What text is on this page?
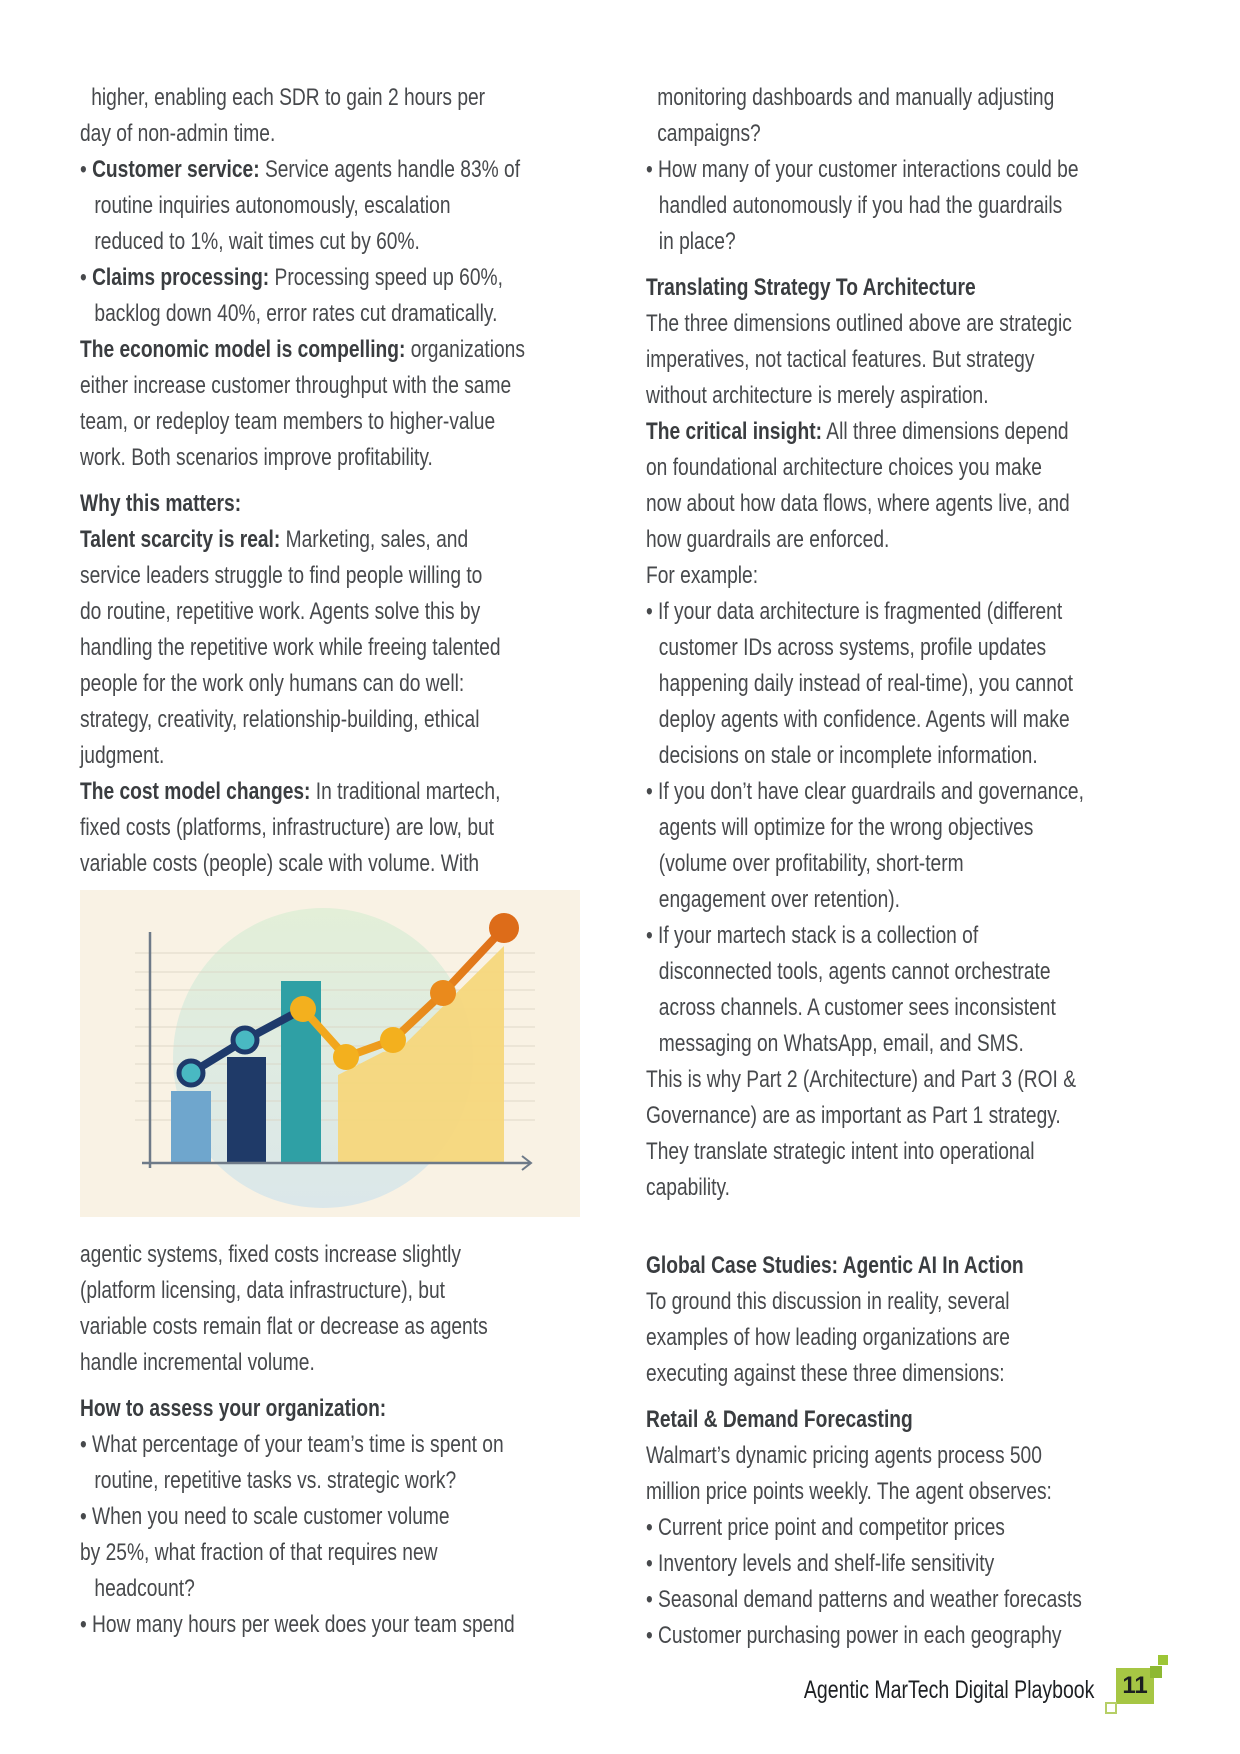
higher, enabling each SDR to gain 2 hours per
day of non-admin time.
• Customer service: Service agents handle 83% of
routine inquiries autonomously, escalation
reduced to 1%, wait times cut by 60%.
• Claims processing: Processing speed up 60%,
backlog down 40%, error rates cut dramatically.
The economic model is compelling: organizations
either increase customer throughput with the same
team, or redeploy team members to higher-value
work. Both scenarios improve profitability.
Why this matters:
Talent scarcity is real: Marketing, sales, and
service leaders struggle to find people willing to
do routine, repetitive work. Agents solve this by
handling the repetitive work while freeing talented
people for the work only humans can do well:
strategy, creativity, relationship-building, ethical
judgment.
The cost model changes: In traditional martech,
fixed costs (platforms, infrastructure) are low, but
variable costs (people) scale with volume. With
agentic systems, fixed costs increase slightly
(platform licensing, data infrastructure), but
variable costs remain flat or decrease as agents
handle incremental volume.
How to assess your organization:
• What percentage of your team’s time is spent on
routine, repetitive tasks vs. strategic work?
• When you need to scale customer volume
by 25%, what fraction of that requires new
headcount?
• How many hours per week does your team spend
monitoring dashboards and manually adjusting
campaigns?
• How many of your customer interactions could be
handled autonomously if you had the guardrails
in place?
Translating Strategy To Architecture
The three dimensions outlined above are strategic
imperatives, not tactical features. But strategy
without architecture is merely aspiration.
The critical insight: All three dimensions depend
on foundational architecture choices you make
now about how data flows, where agents live, and
how guardrails are enforced.
For example:
• If your data architecture is fragmented (different
customer IDs across systems, profile updates
happening daily instead of real-time), you cannot
deploy agents with confidence. Agents will make
decisions on stale or incomplete information.
• If you don’t have clear guardrails and governance,
agents will optimize for the wrong objectives
(volume over profitability, short-term
engagement over retention).
• If your martech stack is a collection of
disconnected tools, agents cannot orchestrate
across channels. A customer sees inconsistent
messaging on WhatsApp, email, and SMS.
This is why Part 2 (Architecture) and Part 3 (ROI &
Governance) are as important as Part 1 strategy.
They translate strategic intent into operational
capability.
Global Case Studies: Agentic AI In Action
To ground this discussion in reality, several
examples of how leading organizations are
executing against these three dimensions:
Retail & Demand Forecasting
Walmart’s dynamic pricing agents process 500
million price points weekly. The agent observes:
• Current price point and competitor prices
• Inventory levels and shelf-life sensitivity
• Seasonal demand patterns and weather forecasts
• Customer purchasing power in each geography
Agentic MarTech Digital Playbook 11
